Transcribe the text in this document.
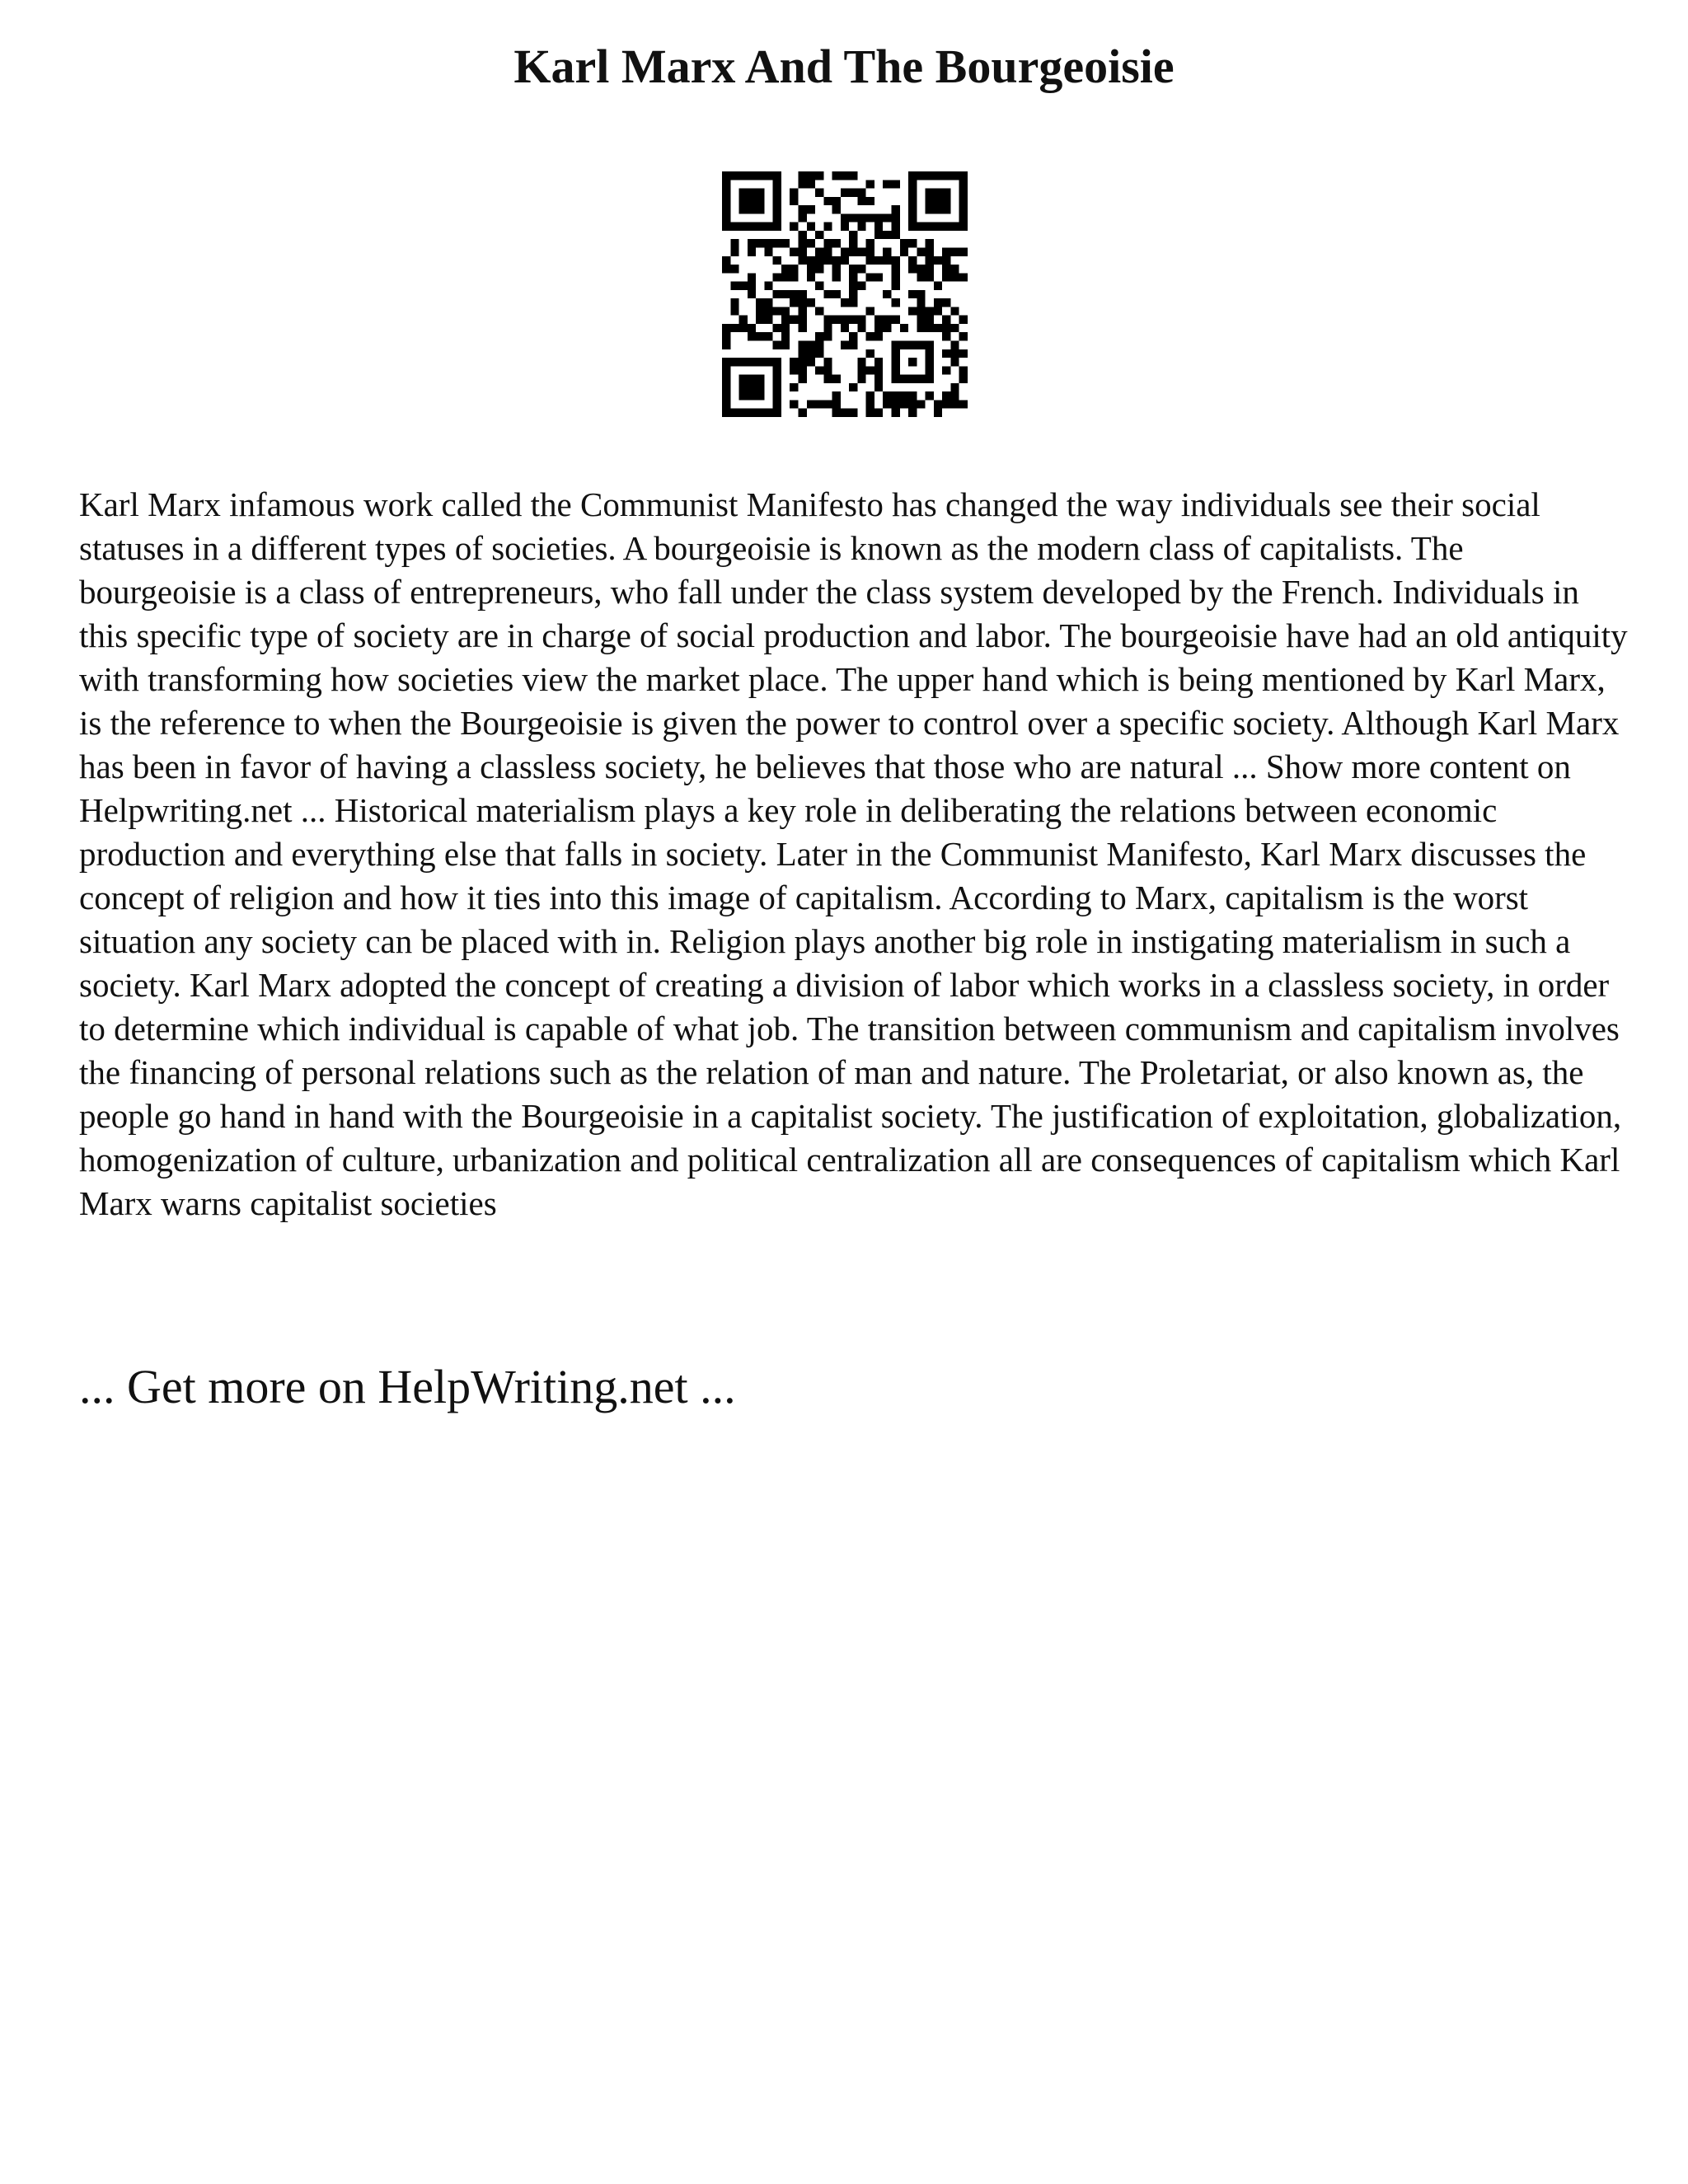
Karl Marx And The Bourgeoisie

Karl Marx infamous work called the Communist Manifesto has changed the way individuals see their social statuses in a different types of societies. A bourgeoisie is known as the modern class of capitalists. The bourgeoisie is a class of entrepreneurs, who fall under the class system developed by the French. Individuals in this specific type of society are in charge of social production and labor. The bourgeoisie have had an old antiquity with transforming how societies view the market place. The upper hand which is being mentioned by Karl Marx, is the reference to when the Bourgeoisie is given the power to control over a specific society. Although Karl Marx has been in favor of having a classless society, he believes that those who are natural ... Show more content on Helpwriting.net ... Historical materialism plays a key role in deliberating the relations between economic production and everything else that falls in society. Later in the Communist Manifesto, Karl Marx discusses the concept of religion and how it ties into this image of capitalism. According to Marx, capitalism is the worst situation any society can be placed with in. Religion plays another big role in instigating materialism in such a society. Karl Marx adopted the concept of creating a division of labor which works in a classless society, in order to determine which individual is capable of what job. The transition between communism and capitalism involves the financing of personal relations such as the relation of man and nature. The Proletariat, or also known as, the people go hand in hand with the Bourgeoisie in a capitalist society. The justification of exploitation, globalization, homogenization of culture, urbanization and political centralization all are consequences of capitalism which Karl Marx warns capitalist societies

... Get more on HelpWriting.net ...
